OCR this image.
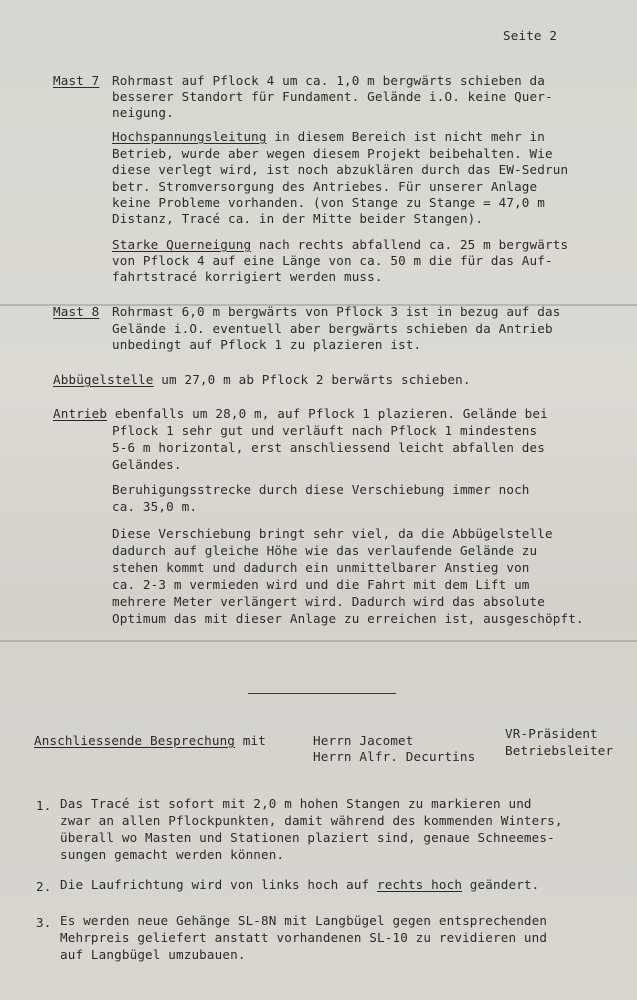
Seite 2
Mast 7 Rohrmast auf Pflock 4 um ca. 1,0 m bergwärts schieben da
besserer Standort für Fundament. Gelände i.O. keine Quer-
neigung.
Hochspannungsleitung in diesem Bereich ist nicht mehr in
Betrieb, wurde aber wegen diesem Projekt beibehalten. Wie
diese verlegt wird, ist noch abzuklären durch das EW-Sedrun
betr. Stromversorgung des Antriebes. Für unserer Anlage
keine Probleme vorhanden. (von Stange zu Stange = 47,0 m
Distanz, Tracé ca. in der Mitte beider Stangen).
Starke Querneigung nach rechts abfallend ca. 25 m bergwärts
von Pflock 4 auf eine Länge von ca. 50 m die für das Auf-
fahrtstracé korrigiert werden muss.
Mast 8 Rohrmast 6,0 m bergwärts von Pflock 3 ist in bezug auf das
Gelände i.O. eventuell aber bergwärts schieben da Antrieb
unbedingt auf Pflock 1 zu plazieren ist.
Abbügelstelle um 27,0 m ab Pflock 2 berwärts schieben.
Antrieb ebenfalls um 28,0 m, auf Pflock 1 plazieren. Gelände bei
Pflock 1 sehr gut und verläuft nach Pflock 1 mindestens
5-6 m horizontal, erst anschliessend leicht abfallen des
Geländes.
Beruhigungsstrecke durch diese Verschiebung immer noch
ca. 35,0 m.
Diese Verschiebung bringt sehr viel, da die Abbügelstelle
dadurch auf gleiche Höhe wie das verlaufende Gelände zu
stehen kommt und dadurch ein unmittelbarer Anstieg von
ca. 2-3 m vermieden wird und die Fahrt mit dem Lift um
mehrere Meter verlängert wird. Dadurch wird das absolute
Optimum das mit dieser Anlage zu erreichen ist, ausgeschöpft.
Anschliessende Besprechung mit	Herrn Jacomet
Herrn Alfr. Decurtins
VR-Präsident
Betriebsleiter
1. Das Tracé ist sofort mit 2,0 m hohen Stangen zu markieren und
zwar an allen Pflockpunkten, damit während des kommenden Winters,
überall wo Masten und Stationen plaziert sind, genaue Schneemes-
sungen gemacht werden können.
2. Die Laufrichtung wird von links hoch auf rechts hoch geändert.
3. Es werden neue Gehänge SL-8N mit Langbügel gegen entsprechenden
Mehrpreis geliefert anstatt vorhandenen SL-10 zu revidieren und
auf Langbügel umzubauen.
